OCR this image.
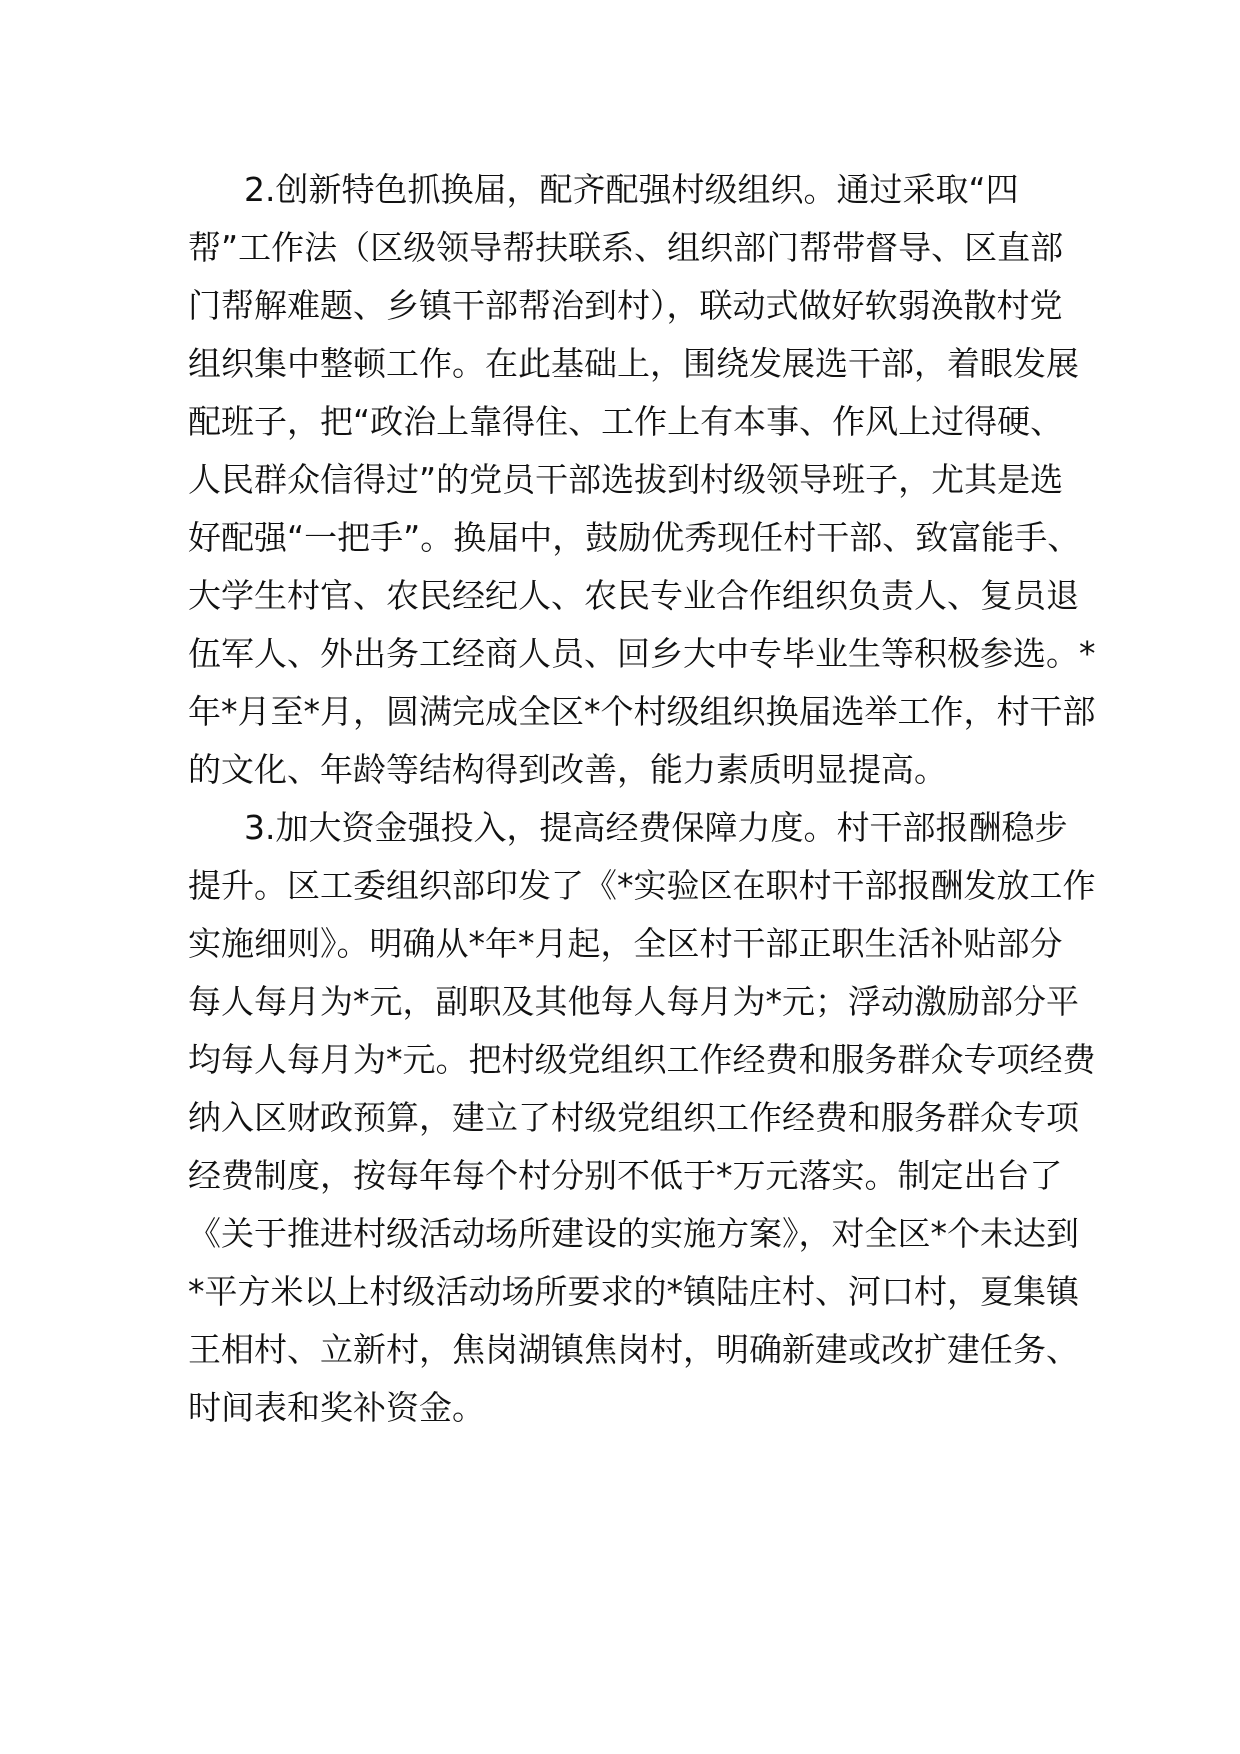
2.创新特色抓换届，配齐配强村级组织。通过采取“四
帮”工作法（区级领导帮扶联系、组织部门帮带督导、区直部
门帮解难题、乡镇干部帮治到村），联动式做好软弱涣散村党
组织集中整顿工作。在此基础上，围绕发展选干部，着眼发展
配班子，把“政治上靠得住、工作上有本事、作风上过得硬、
人民群众信得过”的党员干部选拔到村级领导班子，尤其是选
好配强“一把手”。换届中，鼓励优秀现任村干部、致富能手、
大学生村官、农民经纪人、农民专业合作组织负责人、复员退
伍军人、外出务工经商人员、回乡大中专毕业生等积极参选。*
年*月至*月，圆满完成全区*个村级组织换届选举工作，村干部
的文化、年龄等结构得到改善，能力素质明显提高。
3.加大资金强投入，提高经费保障力度。村干部报酬稳步
提升。区工委组织部印发了《*实验区在职村干部报酬发放工作
实施细则》。明确从*年*月起，全区村干部正职生活补贴部分
每人每月为*元，副职及其他每人每月为*元；浮动激励部分平
均每人每月为*元。把村级党组织工作经费和服务群众专项经费
纳入区财政预算，建立了村级党组织工作经费和服务群众专项
经费制度，按每年每个村分别不低于*万元落实。制定出台了
《关于推进村级活动场所建设的实施方案》，对全区*个未达到
*平方米以上村级活动场所要求的*镇陆庄村、河口村，夏集镇
王相村、立新村，焦岗湖镇焦岗村，明确新建或改扩建任务、
时间表和奖补资金。
